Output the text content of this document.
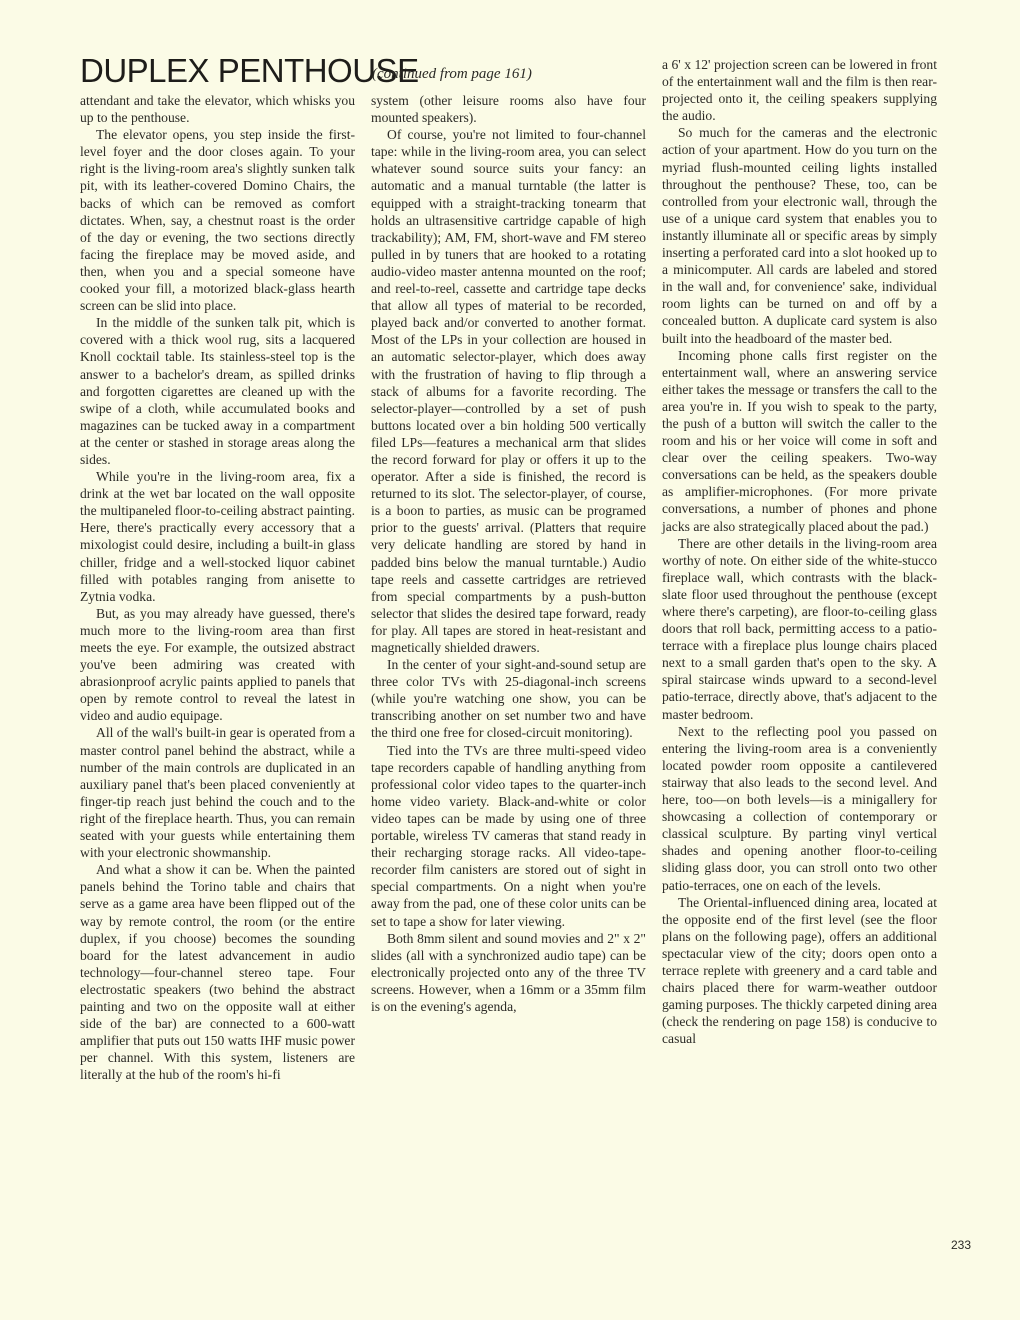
DUPLEX PENTHOUSE
(continued from page 161)

attendant and take the elevator, which whisks you up to the penthouse.

The elevator opens, you step inside the first-level foyer and the door closes again. To your right is the living-room area's slightly sunken talk pit, with its leather-covered Domino Chairs, the backs of which can be removed as comfort dictates. When, say, a chestnut roast is the order of the day or evening, the two sections directly facing the fireplace may be moved aside, and then, when you and a special someone have cooked your fill, a motorized black-glass hearth screen can be slid into place.

In the middle of the sunken talk pit, which is covered with a thick wool rug, sits a lacquered Knoll cocktail table. Its stainless-steel top is the answer to a bachelor's dream, as spilled drinks and forgotten cigarettes are cleaned up with the swipe of a cloth, while accumulated books and magazines can be tucked away in a compartment at the center or stashed in storage areas along the sides.

While you're in the living-room area, fix a drink at the wet bar located on the wall opposite the multipaneled floor-to-ceiling abstract painting. Here, there's practically every accessory that a mixologist could desire, including a built-in glass chiller, fridge and a well-stocked liquor cabinet filled with potables ranging from anisette to Zytnia vodka.

But, as you may already have guessed, there's much more to the living-room area than first meets the eye. For example, the outsized abstract you've been admiring was created with abrasionproof acrylic paints applied to panels that open by remote control to reveal the latest in video and audio equipage.

All of the wall's built-in gear is operated from a master control panel behind the abstract, while a number of the main controls are duplicated in an auxiliary panel that's been placed conveniently at finger-tip reach just behind the couch and to the right of the fireplace hearth. Thus, you can remain seated with your guests while entertaining them with your electronic showmanship.

And what a show it can be. When the painted panels behind the Torino table and chairs that serve as a game area have been flipped out of the way by remote control, the room (or the entire duplex, if you choose) becomes the sounding board for the latest advancement in audio technology—four-channel stereo tape. Four electrostatic speakers (two behind the abstract painting and two on the opposite wall at either side of the bar) are connected to a 600-watt amplifier that puts out 150 watts IHF music power per channel. With this system, listeners are literally at the hub of the room's hi-fi

system (other leisure rooms also have four mounted speakers).

Of course, you're not limited to four-channel tape: while in the living-room area, you can select whatever sound source suits your fancy: an automatic and a manual turntable (the latter is equipped with a straight-tracking tonearm that holds an ultrasensitive cartridge capable of high trackability); AM, FM, short-wave and FM stereo pulled in by tuners that are hooked to a rotating audio-video master antenna mounted on the roof; and reel-to-reel, cassette and cartridge tape decks that allow all types of material to be recorded, played back and/or converted to another format. Most of the LPs in your collection are housed in an automatic selector-player, which does away with the frustration of having to flip through a stack of albums for a favorite recording. The selector-player—controlled by a set of push buttons located over a bin holding 500 vertically filed LPs—features a mechanical arm that slides the record forward for play or offers it up to the operator. After a side is finished, the record is returned to its slot. The selector-player, of course, is a boon to parties, as music can be programed prior to the guests' arrival. (Platters that require very delicate handling are stored by hand in padded bins below the manual turntable.) Audio tape reels and cassette cartridges are retrieved from special compartments by a push-button selector that slides the desired tape forward, ready for play. All tapes are stored in heat-resistant and magnetically shielded drawers.

In the center of your sight-and-sound setup are three color TVs with 25-diagonal-inch screens (while you're watching one show, you can be transcribing another on set number two and have the third one free for closed-circuit monitoring).

Tied into the TVs are three multi-speed video tape recorders capable of handling anything from professional color video tapes to the quarter-inch home video variety. Black-and-white or color video tapes can be made by using one of three portable, wireless TV cameras that stand ready in their recharging storage racks. All video-tape-recorder film canisters are stored out of sight in special compartments. On a night when you're away from the pad, one of these color units can be set to tape a show for later viewing.

Both 8mm silent and sound movies and 2" x 2" slides (all with a synchronized audio tape) can be electronically projected onto any of the three TV screens. However, when a 16mm or a 35mm film is on the evening's agenda,

a 6' x 12' projection screen can be lowered in front of the entertainment wall and the film is then rear-projected onto it, the ceiling speakers supplying the audio.

So much for the cameras and the electronic action of your apartment. How do you turn on the myriad flush-mounted ceiling lights installed throughout the penthouse? These, too, can be controlled from your electronic wall, through the use of a unique card system that enables you to instantly illuminate all or specific areas by simply inserting a perforated card into a slot hooked up to a minicomputer. All cards are labeled and stored in the wall and, for convenience' sake, individual room lights can be turned on and off by a concealed button. A duplicate card system is also built into the headboard of the master bed.

Incoming phone calls first register on the entertainment wall, where an answering service either takes the message or transfers the call to the area you're in. If you wish to speak to the party, the push of a button will switch the caller to the room and his or her voice will come in soft and clear over the ceiling speakers. Two-way conversations can be held, as the speakers double as amplifier-microphones. (For more private conversations, a number of phones and phone jacks are also strategically placed about the pad.)

There are other details in the living-room area worthy of note. On either side of the white-stucco fireplace wall, which contrasts with the black-slate floor used throughout the penthouse (except where there's carpeting), are floor-to-ceiling glass doors that roll back, permitting access to a patio-terrace with a fireplace plus lounge chairs placed next to a small garden that's open to the sky. A spiral staircase winds upward to a second-level patio-terrace, directly above, that's adjacent to the master bedroom.

Next to the reflecting pool you passed on entering the living-room area is a conveniently located powder room opposite a cantilevered stairway that also leads to the second level. And here, too—on both levels—is a minigallery for showcasing a collection of contemporary or classical sculpture. By parting vinyl vertical shades and opening another floor-to-ceiling sliding glass door, you can stroll onto two other patio-terraces, one on each of the levels.

The Oriental-influenced dining area, located at the opposite end of the first level (see the floor plans on the following page), offers an additional spectacular view of the city; doors open onto a terrace replete with greenery and a card table and chairs placed there for warm-weather outdoor gaming purposes. The thickly carpeted dining area (check the rendering on page 158) is conducive to casual

233
